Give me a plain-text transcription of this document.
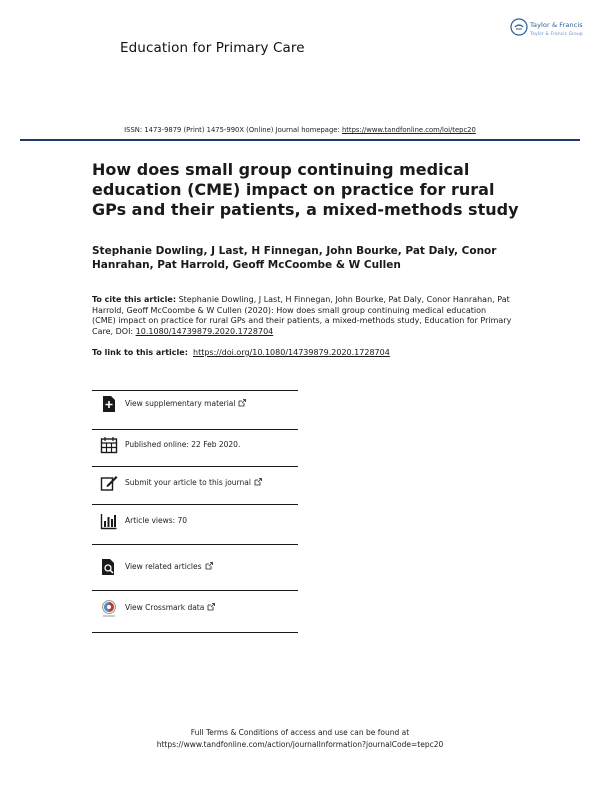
Taylor & Francis
Taylor & Francis Group
Education for Primary Care
ISSN: 1473-9879 (Print) 1475-990X (Online) Journal homepage: https://www.tandfonline.com/loi/tepc20
How does small group continuing medical education (CME) impact on practice for rural GPs and their patients, a mixed-methods study
Stephanie Dowling, J Last, H Finnegan, John Bourke, Pat Daly, Conor Hanrahan, Pat Harrold, Geoff McCoombe & W Cullen
To cite this article: Stephanie Dowling, J Last, H Finnegan, John Bourke, Pat Daly, Conor Hanrahan, Pat Harrold, Geoff McCoombe & W Cullen (2020): How does small group continuing medical education (CME) impact on practice for rural GPs and their patients, a mixed-methods study, Education for Primary Care, DOI: 10.1080/14739879.2020.1728704
To link to this article: https://doi.org/10.1080/14739879.2020.1728704
View supplementary material
Published online: 22 Feb 2020.
Submit your article to this journal
Article views: 70
View related articles
View Crossmark data
Full Terms & Conditions of access and use can be found at
https://www.tandfonline.com/action/journalInformation?journalCode=tepc20
